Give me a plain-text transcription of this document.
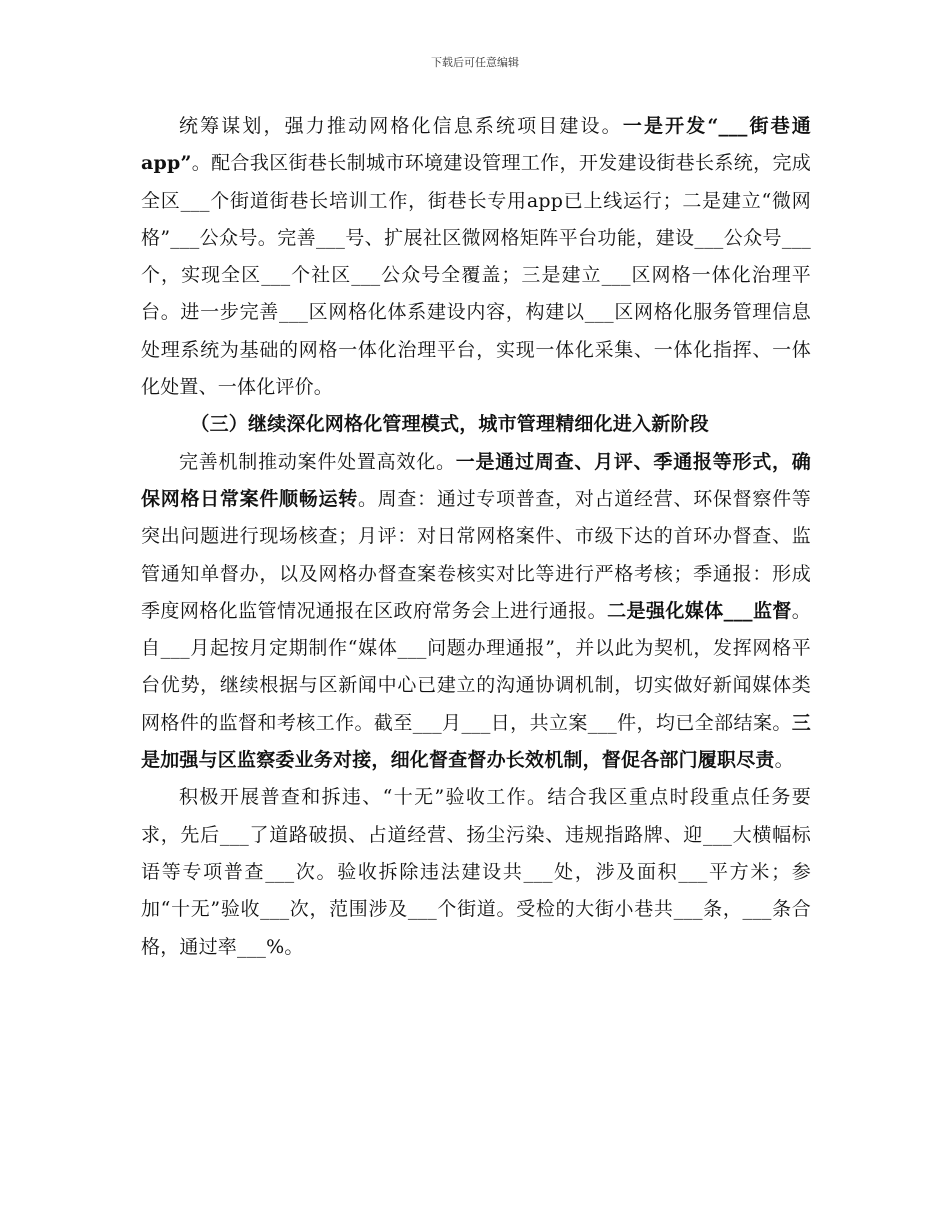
下载后可任意编辑

统筹谋划，强力推动网格化信息系统项目建设。一是开发“___街巷通app”。配合我区街巷长制城市环境建设管理工作，开发建设街巷长系统，完成全区___个街道街巷长培训工作，街巷长专用app已上线运行；二是建立“微网格”___公众号。完善___号、扩展社区微网格矩阵平台功能，建设___公众号___个，实现全区___个社区___公众号全覆盖；三是建立___区网格一体化治理平台。进一步完善___区网格化体系建设内容，构建以___区网格化服务管理信息处理系统为基础的网格一体化治理平台，实现一体化采集、一体化指挥、一体化处置、一体化评价。

（三）继续深化网格化管理模式，城市管理精细化进入新阶段

完善机制推动案件处置高效化。一是通过周查、月评、季通报等形式，确保网格日常案件顺畅运转。周查：通过专项普查，对占道经营、环保督察件等突出问题进行现场核查；月评：对日常网格案件、市级下达的首环办督查、监管通知单督办，以及网格办督查案卷核实对比等进行严格考核；季通报：形成季度网格化监管情况通报在区政府常务会上进行通报。二是强化媒体___监督。自___月起按月定期制作“媒体___问题办理通报”，并以此为契机，发挥网格平台优势，继续根据与区新闻中心已建立的沟通协调机制，切实做好新闻媒体类网格件的监督和考核工作。截至___月___日，共立案___件，均已全部结案。三是加强与区监察委业务对接，细化督查督办长效机制，督促各部门履职尽责。

积极开展普查和拆违、“十无”验收工作。结合我区重点时段重点任务要求，先后___了道路破损、占道经营、扬尘污染、违规指路牌、迎___大横幅标语等专项普查___次。验收拆除违法建设共___处，涉及面积___平方米；参加“十无”验收___次，范围涉及___个街道。受检的大街小巷共___条，___条合格，通过率___%。
